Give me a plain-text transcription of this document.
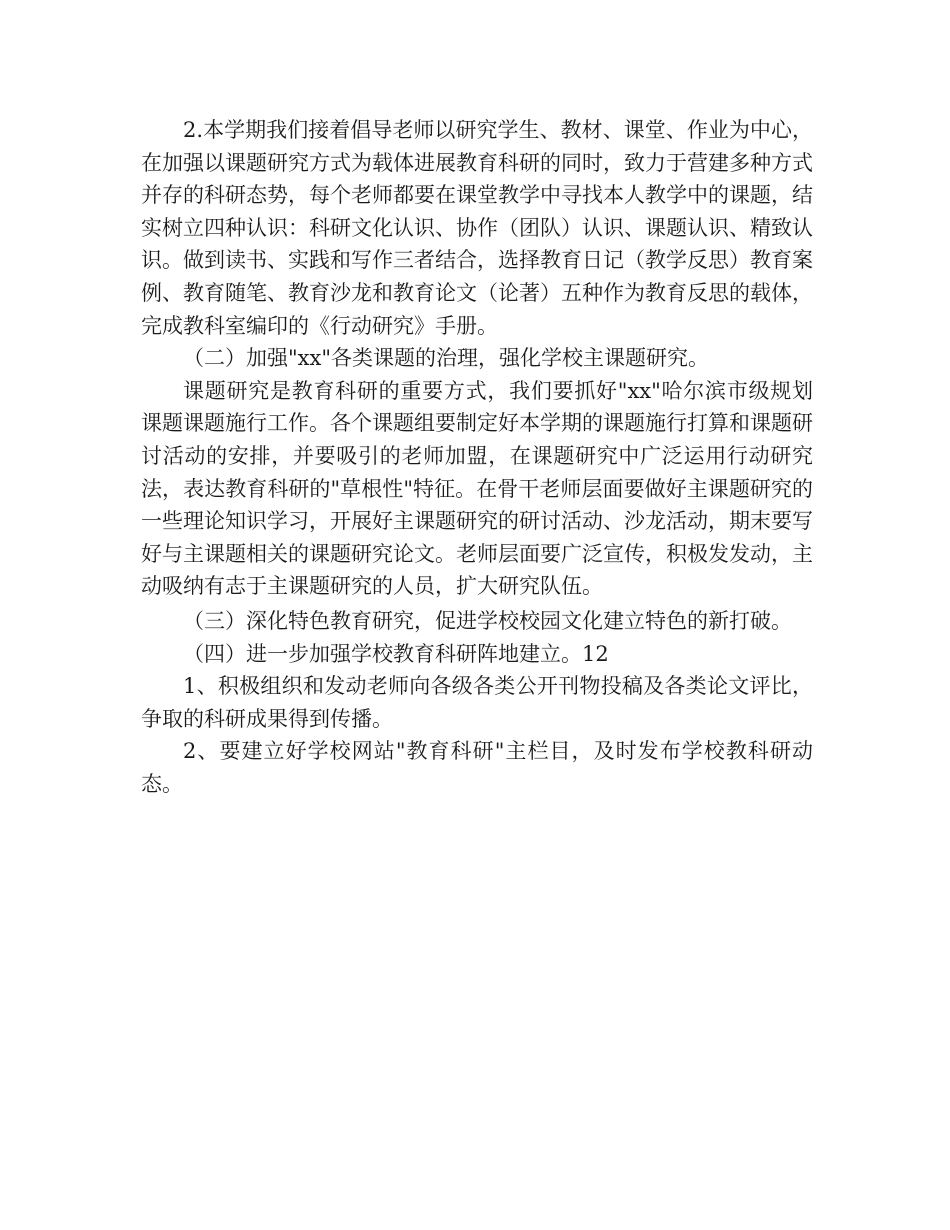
2.本学期我们接着倡导老师以研究学生、教材、课堂、作业为中心，在加强以课题研究方式为载体进展教育科研的同时，致力于营建多种方式并存的科研态势，每个老师都要在课堂教学中寻找本人教学中的课题，结实树立四种认识：科研文化认识、协作（团队）认识、课题认识、精致认识。做到读书、实践和写作三者结合，选择教育日记（教学反思）教育案例、教育随笔、教育沙龙和教育论文（论著）五种作为教育反思的载体，完成教科室编印的《行动研究》手册。

（二）加强"xx"各类课题的治理，强化学校主课题研究。

课题研究是教育科研的重要方式，我们要抓好"xx"哈尔滨市级规划课题课题施行工作。各个课题组要制定好本学期的课题施行打算和课题研讨活动的安排，并要吸引的老师加盟，在课题研究中广泛运用行动研究法，表达教育科研的"草根性"特征。在骨干老师层面要做好主课题研究的一些理论知识学习，开展好主课题研究的研讨活动、沙龙活动，期末要写好与主课题相关的课题研究论文。老师层面要广泛宣传，积极发发动，主动吸纳有志于主课题研究的人员，扩大研究队伍。

（三）深化特色教育研究，促进学校校园文化建立特色的新打破。

（四）进一步加强学校教育科研阵地建立。12

1、积极组织和发动老师向各级各类公开刊物投稿及各类论文评比，争取的科研成果得到传播。

2、要建立好学校网站"教育科研"主栏目，及时发布学校教科研动态。
